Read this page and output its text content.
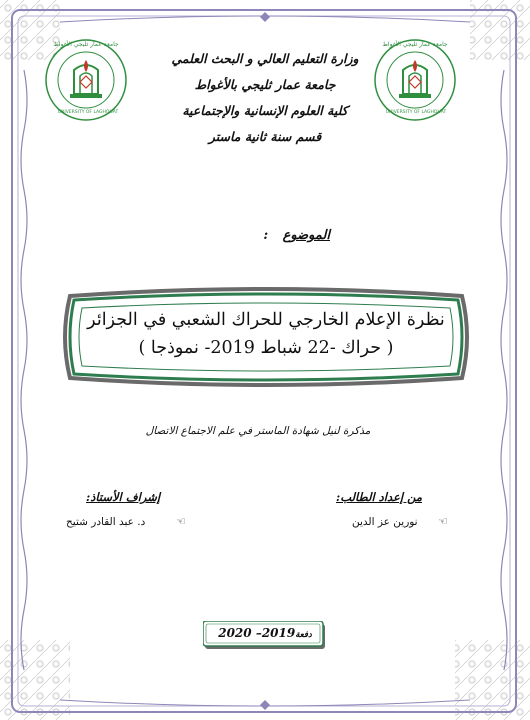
جامعة عمار ثليجي الأغواط
UNIVERSITY OF LAGHOUAT
جامعة عمار ثليجي الأغواط
UNIVERSITY OF LAGHOUAT
وزارة التعليم العالي و البحث العلمي
جامعة عمار ثليجي بالأغواط
كلية العلوم الإنسانية والإجتماعية
قسم سنة ثانية ماستر
الموضوع :
نظرة الإعلام الخارجي للحراك الشعبي في الجزائر
( حراك -22 شباط 2019- نموذجا )
مذكرة لنيل شهادة الماستر في علم الاجتماع الاتصال
من إعداد الطالب:
☜
نورين عز الدين
إشراف الأستاذ:
☜
د. عبد القادر شتيح
دفعة2019– 2020
